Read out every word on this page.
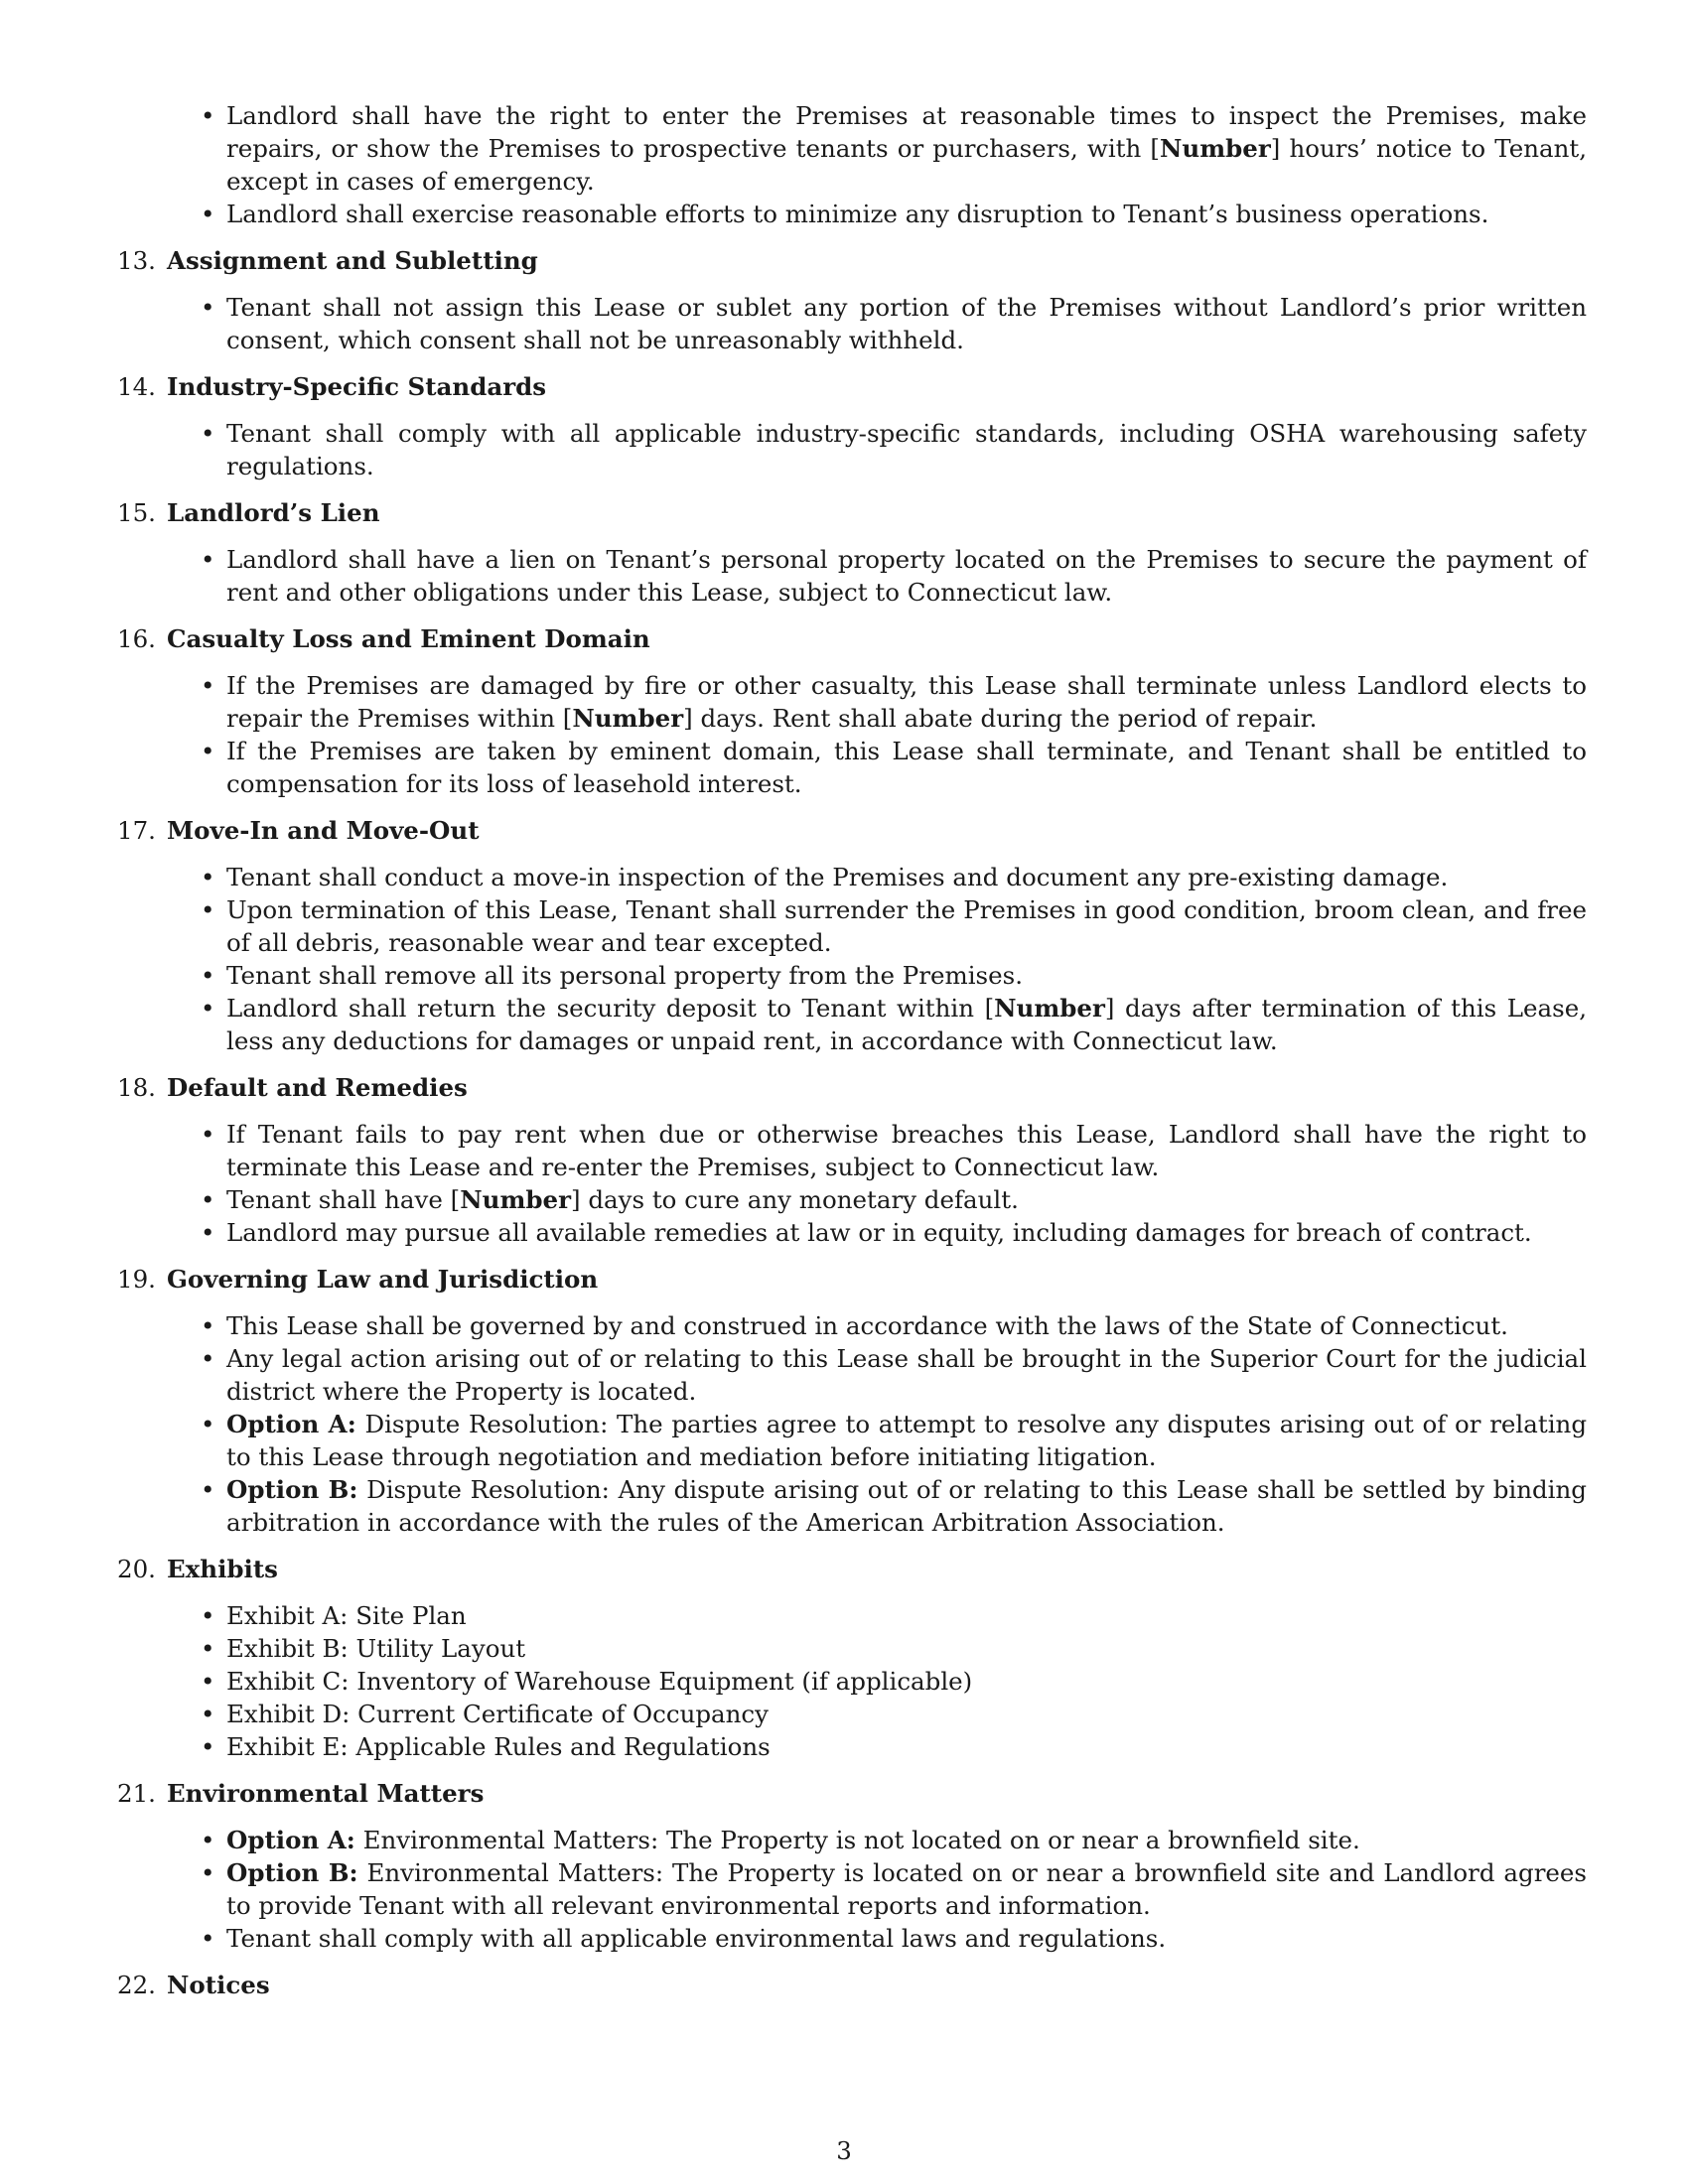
• Landlord shall have the right to enter the Premises at reasonable times to inspect the Premises, make repairs, or show the Premises to prospective tenants or purchasers, with [Number] hours’ notice to Tenant, except in cases of emergency.
• Landlord shall exercise reasonable efforts to minimize any disruption to Tenant’s business operations.
13. Assignment and Subletting
• Tenant shall not assign this Lease or sublet any portion of the Premises without Landlord’s prior written consent, which consent shall not be unreasonably withheld.
14. Industry-Specific Standards
• Tenant shall comply with all applicable industry-specific standards, including OSHA warehousing safety regulations.
15. Landlord’s Lien
• Landlord shall have a lien on Tenant’s personal property located on the Premises to secure the payment of rent and other obligations under this Lease, subject to Connecticut law.
16. Casualty Loss and Eminent Domain
• If the Premises are damaged by fire or other casualty, this Lease shall terminate unless Landlord elects to repair the Premises within [Number] days. Rent shall abate during the period of repair.
• If the Premises are taken by eminent domain, this Lease shall terminate, and Tenant shall be entitled to compensation for its loss of leasehold interest.
17. Move-In and Move-Out
• Tenant shall conduct a move-in inspection of the Premises and document any pre-existing damage.
• Upon termination of this Lease, Tenant shall surrender the Premises in good condition, broom clean, and free of all debris, reasonable wear and tear excepted.
• Tenant shall remove all its personal property from the Premises.
• Landlord shall return the security deposit to Tenant within [Number] days after termination of this Lease, less any deductions for damages or unpaid rent, in accordance with Connecticut law.
18. Default and Remedies
• If Tenant fails to pay rent when due or otherwise breaches this Lease, Landlord shall have the right to terminate this Lease and re-enter the Premises, subject to Connecticut law.
• Tenant shall have [Number] days to cure any monetary default.
• Landlord may pursue all available remedies at law or in equity, including damages for breach of contract.
19. Governing Law and Jurisdiction
• This Lease shall be governed by and construed in accordance with the laws of the State of Connecticut.
• Any legal action arising out of or relating to this Lease shall be brought in the Superior Court for the judicial district where the Property is located.
• Option A: Dispute Resolution: The parties agree to attempt to resolve any disputes arising out of or relating to this Lease through negotiation and mediation before initiating litigation.
• Option B: Dispute Resolution: Any dispute arising out of or relating to this Lease shall be settled by binding arbitration in accordance with the rules of the American Arbitration Association.
20. Exhibits
• Exhibit A: Site Plan
• Exhibit B: Utility Layout
• Exhibit C: Inventory of Warehouse Equipment (if applicable)
• Exhibit D: Current Certificate of Occupancy
• Exhibit E: Applicable Rules and Regulations
21. Environmental Matters
• Option A: Environmental Matters: The Property is not located on or near a brownfield site.
• Option B: Environmental Matters: The Property is located on or near a brownfield site and Landlord agrees to provide Tenant with all relevant environmental reports and information.
• Tenant shall comply with all applicable environmental laws and regulations.
22. Notices
3
